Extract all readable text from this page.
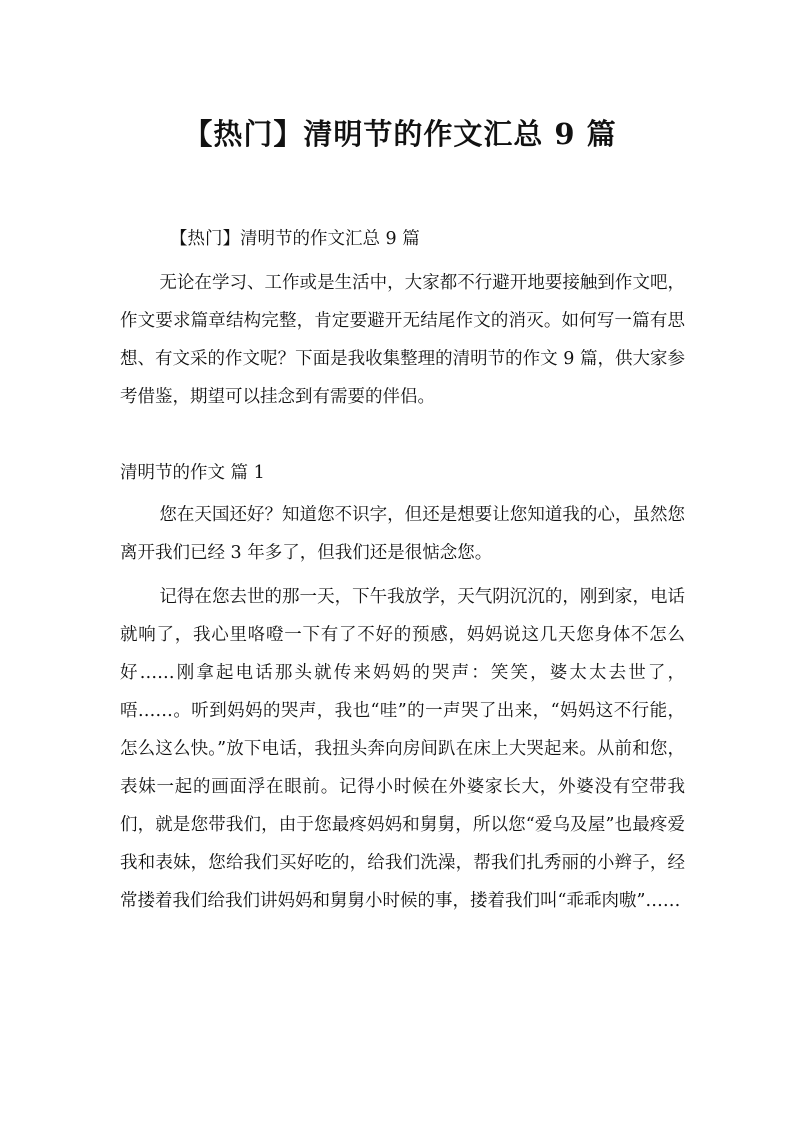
【热门】清明节的作文汇总 9 篇

【热门】清明节的作文汇总 9 篇

无论在学习、工作或是生活中，大家都不行避开地要接触到作文吧，作文要求篇章结构完整，肯定要避开无结尾作文的消灭。如何写一篇有思想、有文采的作文呢？下面是我收集整理的清明节的作文 9 篇，供大家参考借鉴，期望可以挂念到有需要的伴侣。

清明节的作文 篇 1

您在天国还好？知道您不识字，但还是想要让您知道我的心，虽然您离开我们已经 3 年多了，但我们还是很惦念您。

记得在您去世的那一天，下午我放学，天气阴沉沉的，刚到家，电话就响了，我心里咯噔一下有了不好的预感，妈妈说这几天您身体不怎么好……刚拿起电话那头就传来妈妈的哭声：笑笑，婆太太去世了，唔……。听到妈妈的哭声，我也“哇”的一声哭了出来，“妈妈这不行能，怎么这么快。”放下电话，我扭头奔向房间趴在床上大哭起来。从前和您，表妹一起的画面浮在眼前。记得小时候在外婆家长大，外婆没有空带我们，就是您带我们，由于您最疼妈妈和舅舅，所以您“爱乌及屋”也最疼爱我和表妹，您给我们买好吃的，给我们洗澡，帮我们扎秀丽的小辫子，经常搂着我们给我们讲妈妈和舅舅小时候的事，搂着我们叫“乖乖肉嗷”……
